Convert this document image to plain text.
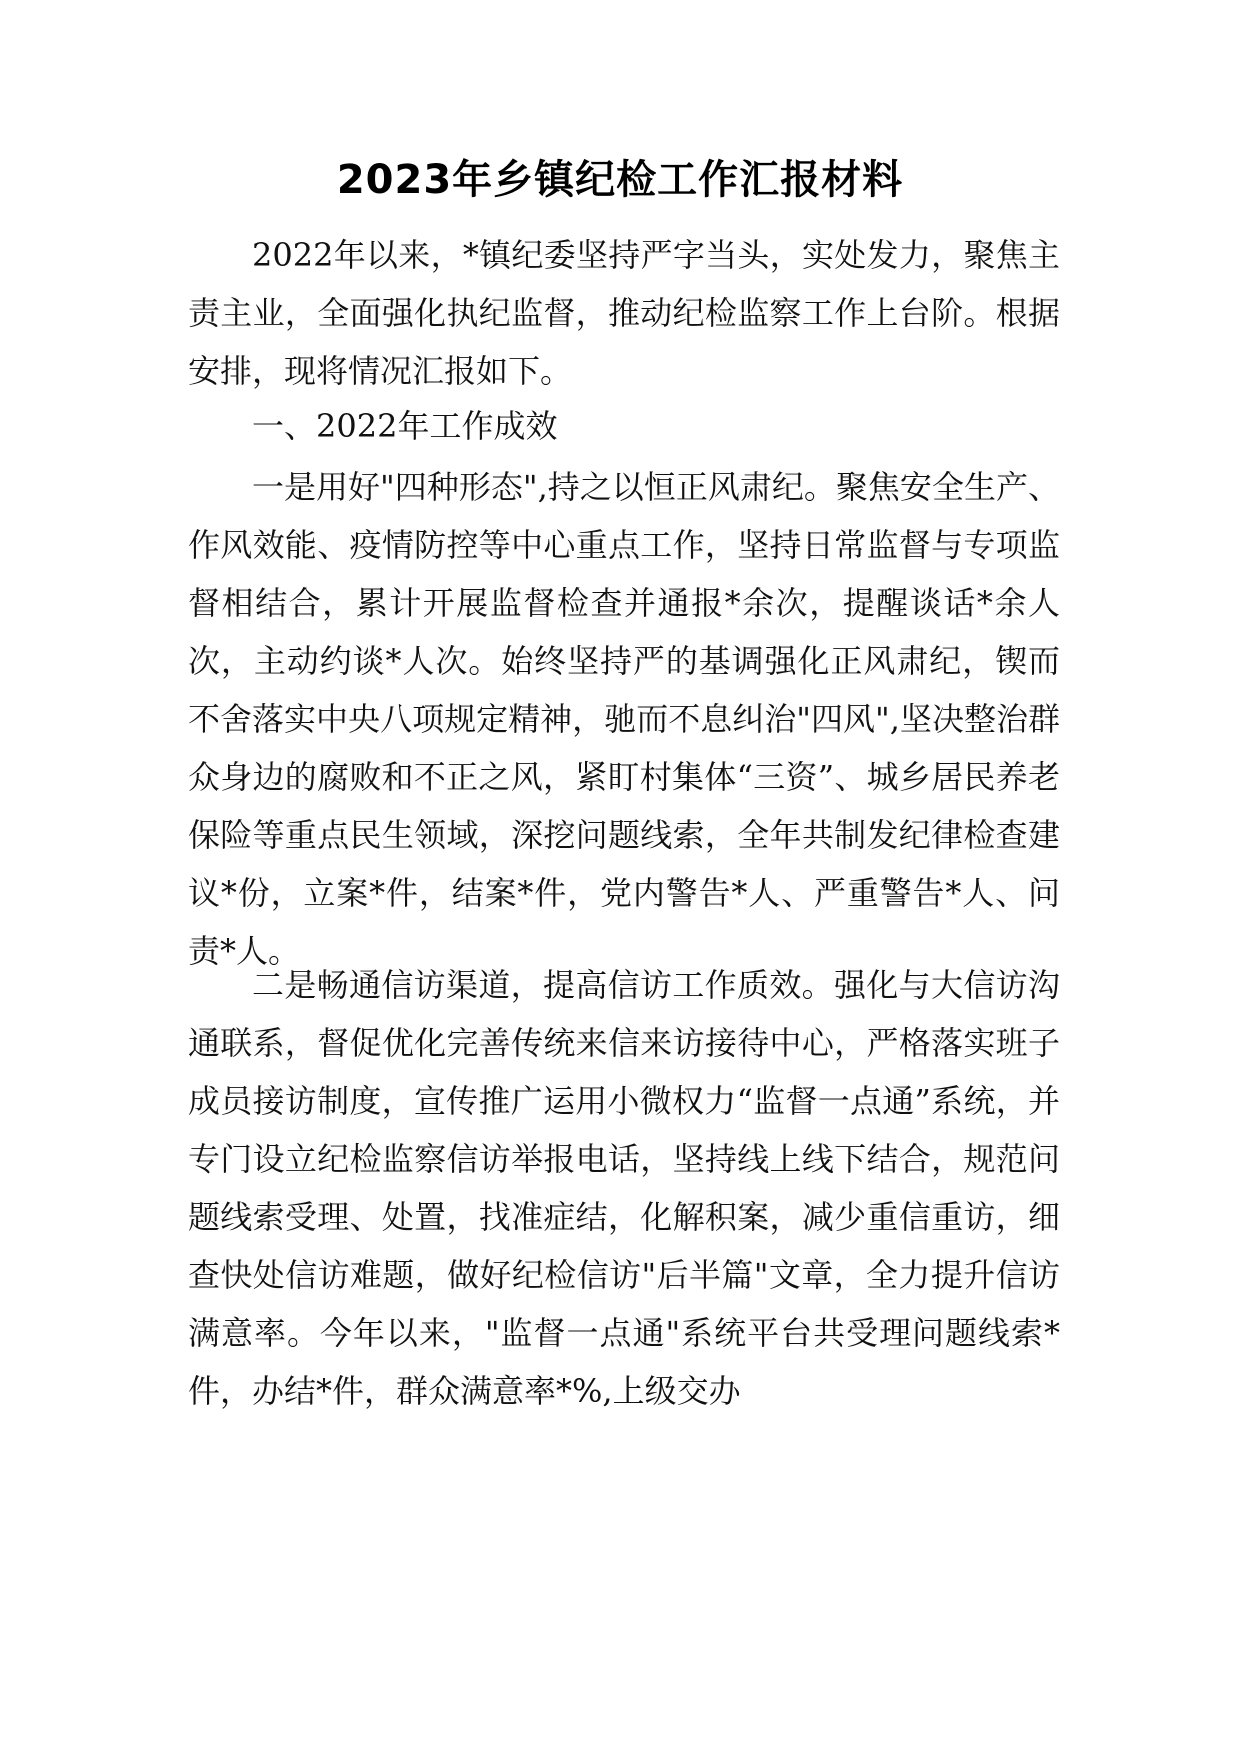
2023年乡镇纪检工作汇报材料

2022年以来，*镇纪委坚持严字当头，实处发力，聚焦主责主业，全面强化执纪监督，推动纪检监察工作上台阶。根据安排，现将情况汇报如下。

一、2022年工作成效

一是用好"四种形态",持之以恒正风肃纪。聚焦安全生产、作风效能、疫情防控等中心重点工作，坚持日常监督与专项监督相结合，累计开展监督检查并通报*余次，提醒谈话*余人次，主动约谈*人次。始终坚持严的基调强化正风肃纪，锲而不舍落实中央八项规定精神，驰而不息纠治"四风",坚决整治群众身边的腐败和不正之风，紧盯村集体“三资”、城乡居民养老保险等重点民生领域，深挖问题线索，全年共制发纪律检查建议*份，立案*件，结案*件，党内警告*人、严重警告*人、问责*人。

二是畅通信访渠道，提高信访工作质效。强化与大信访沟通联系，督促优化完善传统来信来访接待中心，严格落实班子成员接访制度，宣传推广运用小微权力“监督一点通”系统，并专门设立纪检监察信访举报电话，坚持线上线下结合，规范问题线索受理、处置，找准症结，化解积案，减少重信重访，细查快处信访难题，做好纪检信访"后半篇"文章，全力提升信访满意率。今年以来，"监督一点通"系统平台共受理问题线索*件，办结*件，群众满意率*%,上级交办
